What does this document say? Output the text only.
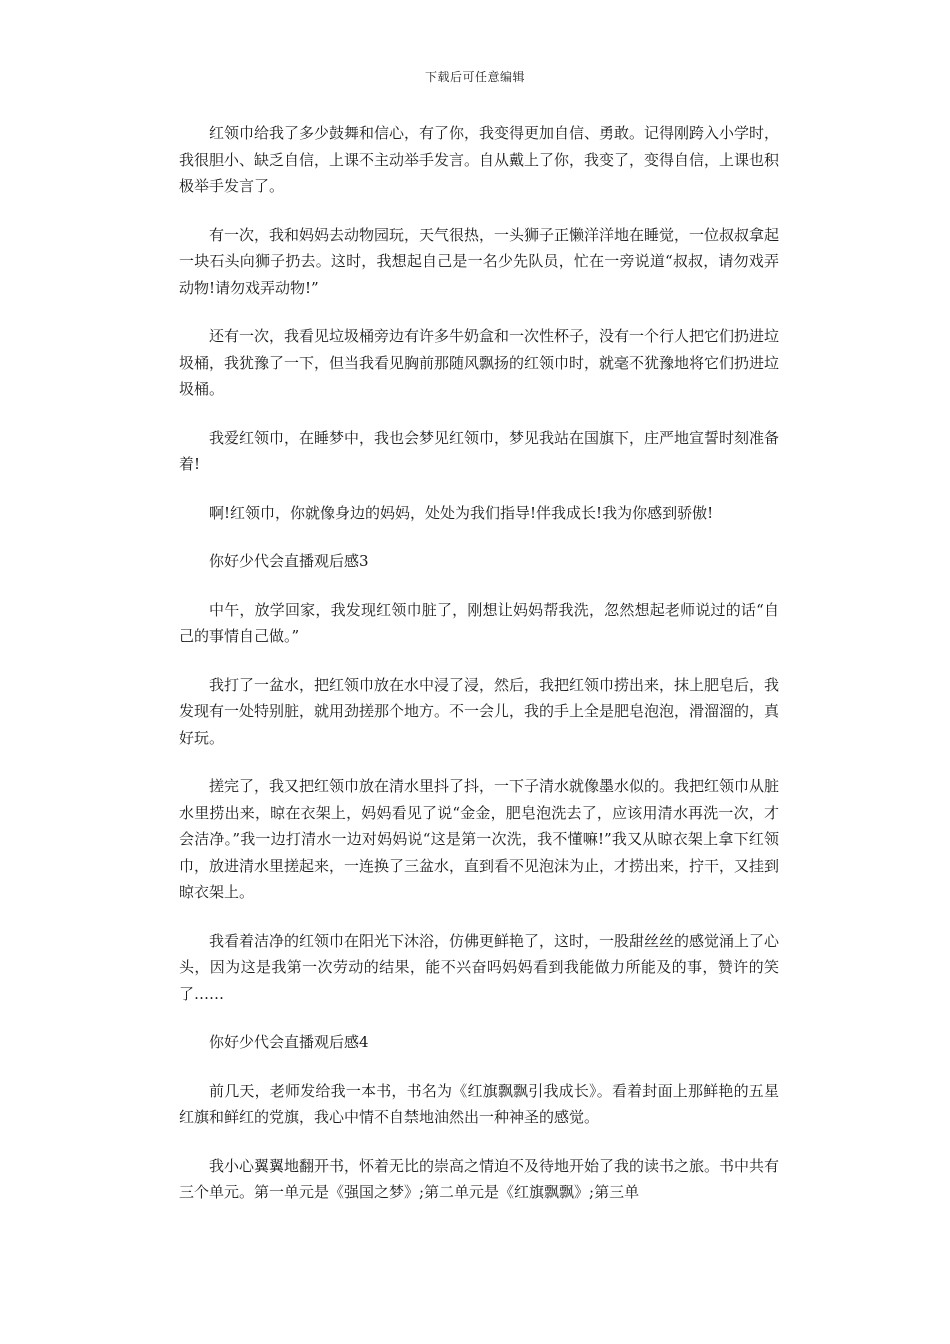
下载后可任意编辑

红领巾给我了多少鼓舞和信心，有了你，我变得更加自信、勇敢。记得刚跨入小学时，我很胆小、缺乏自信，上课不主动举手发言。自从戴上了你，我变了，变得自信，上课也积极举手发言了。

有一次，我和妈妈去动物园玩，天气很热，一头狮子正懒洋洋地在睡觉，一位叔叔拿起一块石头向狮子扔去。这时，我想起自己是一名少先队员，忙在一旁说道“叔叔，请勿戏弄动物!请勿戏弄动物!”

还有一次，我看见垃圾桶旁边有许多牛奶盒和一次性杯子，没有一个行人把它们扔进垃圾桶，我犹豫了一下，但当我看见胸前那随风飘扬的红领巾时，就毫不犹豫地将它们扔进垃圾桶。

我爱红领巾，在睡梦中，我也会梦见红领巾，梦见我站在国旗下，庄严地宣誓时刻准备着!

啊!红领巾，你就像身边的妈妈，处处为我们指导!伴我成长!我为你感到骄傲!

你好少代会直播观后感3

中午，放学回家，我发现红领巾脏了，刚想让妈妈帮我洗，忽然想起老师说过的话“自己的事情自己做。”

我打了一盆水，把红领巾放在水中浸了浸，然后，我把红领巾捞出来，抹上肥皂后，我发现有一处特别脏，就用劲搓那个地方。不一会儿，我的手上全是肥皂泡泡，滑溜溜的，真好玩。

搓完了，我又把红领巾放在清水里抖了抖，一下子清水就像墨水似的。我把红领巾从脏水里捞出来，晾在衣架上，妈妈看见了说“金金，肥皂泡洗去了，应该用清水再洗一次，才会洁净。”我一边打清水一边对妈妈说“这是第一次洗，我不懂嘛!”我又从晾衣架上拿下红领巾，放进清水里搓起来，一连换了三盆水，直到看不见泡沫为止，才捞出来，拧干，又挂到晾衣架上。

我看着洁净的红领巾在阳光下沐浴，仿佛更鲜艳了，这时，一股甜丝丝的感觉涌上了心头，因为这是我第一次劳动的结果，能不兴奋吗妈妈看到我能做力所能及的事，赞许的笑了……

你好少代会直播观后感4

前几天，老师发给我一本书，书名为《红旗飘飘引我成长》。看着封面上那鲜艳的五星红旗和鲜红的党旗，我心中情不自禁地油然出一种神圣的感觉。

我小心翼翼地翻开书，怀着无比的崇高之情迫不及待地开始了我的读书之旅。书中共有三个单元。第一单元是《强国之梦》;第二单元是《红旗飘飘》;第三单
